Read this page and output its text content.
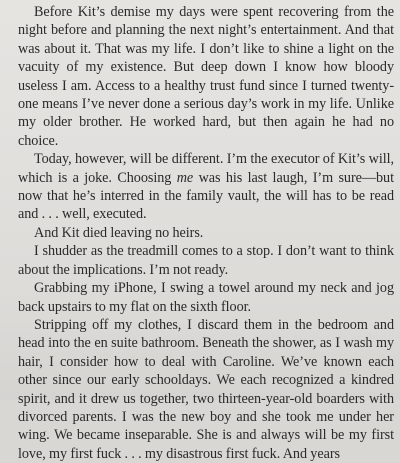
Before Kit’s demise my days were spent recovering from the night before and planning the next night’s entertainment. And that was about it. That was my life. I don’t like to shine a light on the vacuity of my existence. But deep down I know how bloody useless I am. Access to a healthy trust fund since I turned twenty-one means I’ve never done a serious day’s work in my life. Unlike my older brother. He worked hard, but then again he had no choice.

Today, however, will be different. I’m the executor of Kit’s will, which is a joke. Choosing me was his last laugh, I’m sure—but now that he’s interred in the family vault, the will has to be read and . . . well, executed.

And Kit died leaving no heirs.

I shudder as the treadmill comes to a stop. I don’t want to think about the implications. I’m not ready.

Grabbing my iPhone, I swing a towel around my neck and jog back upstairs to my flat on the sixth floor.

Stripping off my clothes, I discard them in the bedroom and head into the en suite bathroom. Beneath the shower, as I wash my hair, I consider how to deal with Caroline. We’ve known each other since our early schooldays. We each recognized a kindred spirit, and it drew us together, two thirteen-year-old boarders with divorced parents. I was the new boy and she took me under her wing. We became inseparable. She is and always will be my first love, my first fuck . . . my disastrous first fuck. And years
